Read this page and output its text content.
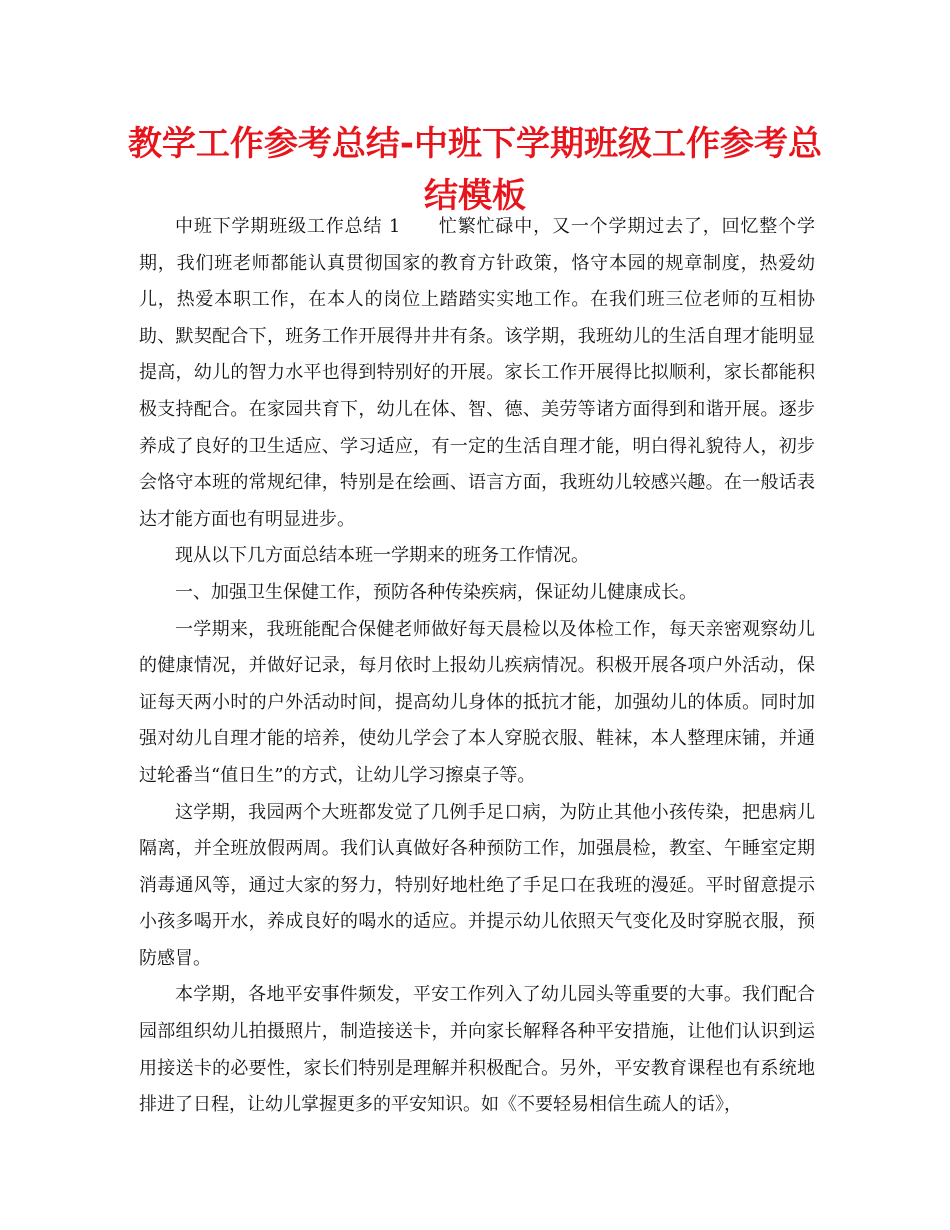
教学工作参考总结-中班下学期班级工作参考总结模板

中班下学期班级工作总结 1　　忙繁忙碌中，又一个学期过去了，回忆整个学期，我们班老师都能认真贯彻国家的教育方针政策，恪守本园的规章制度，热爱幼儿，热爱本职工作，在本人的岗位上踏踏实实地工作。在我们班三位老师的互相协助、默契配合下，班务工作开展得井井有条。该学期，我班幼儿的生活自理才能明显提高，幼儿的智力水平也得到特别好的开展。家长工作开展得比拟顺利，家长都能积极支持配合。在家园共育下，幼儿在体、智、德、美劳等诸方面得到和谐开展。逐步养成了良好的卫生适应、学习适应，有一定的生活自理才能，明白得礼貌待人，初步会恪守本班的常规纪律，特别是在绘画、语言方面，我班幼儿较感兴趣。在一般话表达才能方面也有明显进步。

现从以下几方面总结本班一学期来的班务工作情况。

一、加强卫生保健工作，预防各种传染疾病，保证幼儿健康成长。

一学期来，我班能配合保健老师做好每天晨检以及体检工作，每天亲密观察幼儿的健康情况，并做好记录，每月依时上报幼儿疾病情况。积极开展各项户外活动，保证每天两小时的户外活动时间，提高幼儿身体的抵抗才能，加强幼儿的体质。同时加强对幼儿自理才能的培养，使幼儿学会了本人穿脱衣服、鞋袜，本人整理床铺，并通过轮番当“值日生”的方式，让幼儿学习擦桌子等。

这学期，我园两个大班都发觉了几例手足口病，为防止其他小孩传染，把患病儿隔离，并全班放假两周。我们认真做好各种预防工作，加强晨检，教室、午睡室定期消毒通风等，通过大家的努力，特别好地杜绝了手足口在我班的漫延。平时留意提示小孩多喝开水，养成良好的喝水的适应。并提示幼儿依照天气变化及时穿脱衣服，预防感冒。

本学期，各地平安事件频发，平安工作列入了幼儿园头等重要的大事。我们配合园部组织幼儿拍摄照片，制造接送卡，并向家长解释各种平安措施，让他们认识到运用接送卡的必要性，家长们特别是理解并积极配合。另外，平安教育课程也有系统地排进了日程，让幼儿掌握更多的平安知识。如《不要轻易相信生疏人的话》，
